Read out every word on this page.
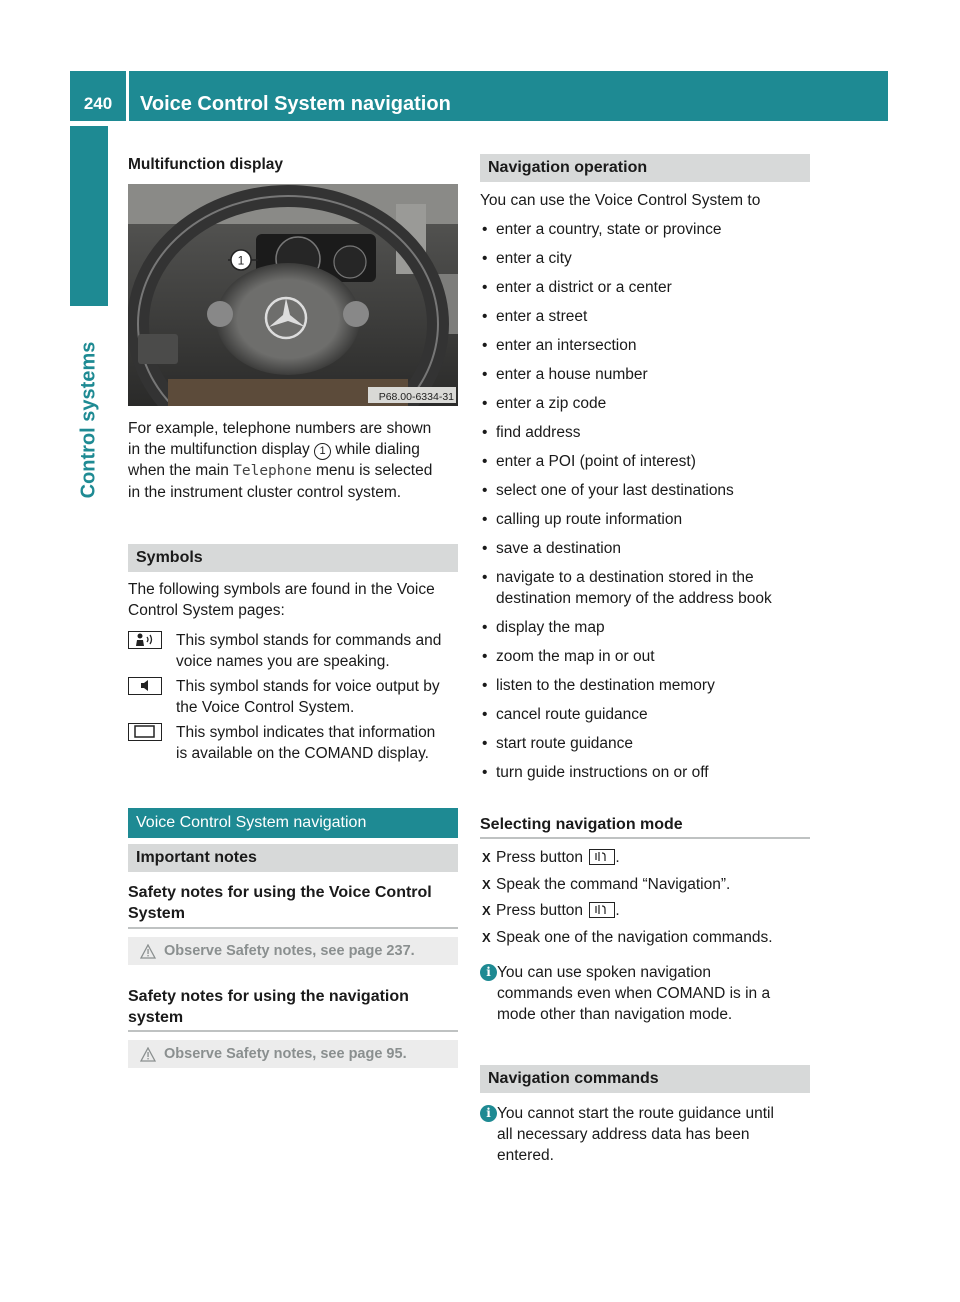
240	Voice Control System navigation
Control systems
Multifunction display
1
P68.00-6334-31
For example, telephone numbers are shown
in the multifunction display 1 while dialing
when the main Telephone menu is selected
in the instrument cluster control system.
Symbols
The following symbols are found in the Voice
Control System pages:
This symbol stands for commands and
voice names you are speaking.
This symbol stands for voice output by
the Voice Control System.
This symbol indicates that information
is available on the COMAND display.
Voice Control System navigation
Important notes
Safety notes for using the Voice Control
System
Observe Safety notes, see page 237.
Safety notes for using the navigation
system
Observe Safety notes, see page 95.
Navigation operation
You can use the Voice Control System to
• enter a country, state or province
• enter a city
• enter a district or a center
• enter a street
• enter an intersection
• enter a house number
• enter a zip code
• find address
• enter a POI (point of interest)
• select one of your last destinations
• calling up route information
• save a destination
• navigate to a destination stored in the
destination memory of the address book
• display the map
• zoom the map in or out
• listen to the destination memory
• cancel route guidance
• start route guidance
• turn guide instructions on or off
Selecting navigation mode
X Press button .
X Speak the command “Navigation”.
X Press button .
X Speak one of the navigation commands.
i You can use spoken navigation
commands even when COMAND is in a
mode other than navigation mode.
Navigation commands
i You cannot start the route guidance until
all necessary address data has been
entered.
